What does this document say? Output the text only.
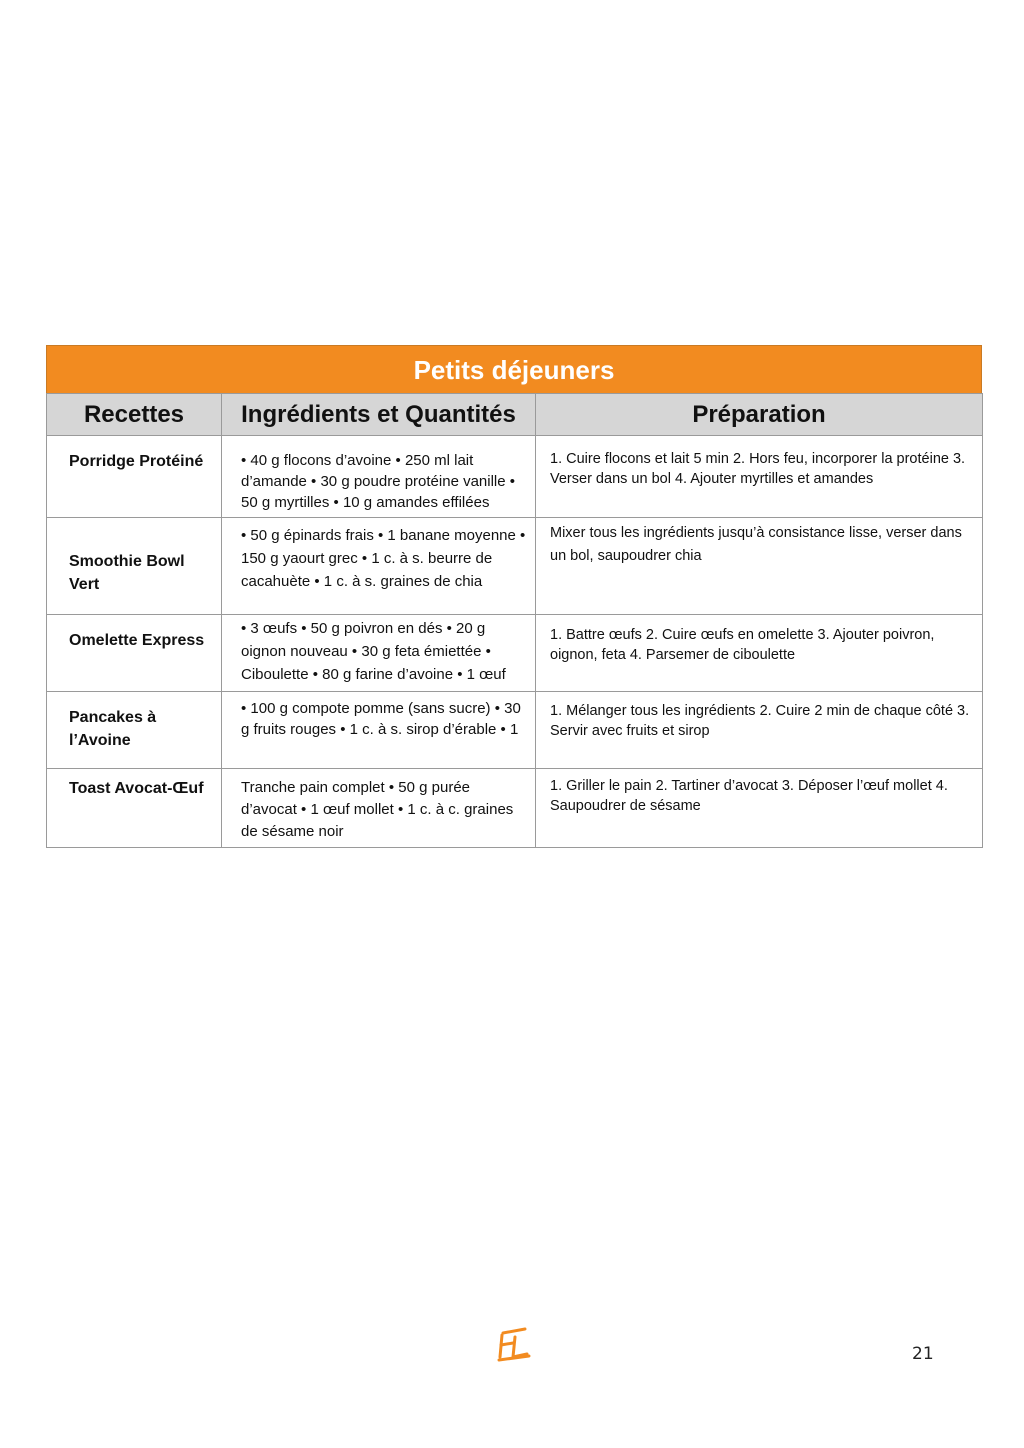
Petits déjeuners
Recettes	Ingrédients et Quantités	Préparation
Porridge Protéiné	• 40 g flocons d’avoine • 250 ml lait d’amande • 30 g poudre protéine vanille • 50 g myrtilles • 10 g amandes effilées	1. Cuire flocons et lait 5 min 2. Hors feu, incorporer la protéine 3. Verser dans un bol 4. Ajouter myrtilles et amandes
Smoothie Bowl Vert	• 50 g épinards frais • 1 banane moyenne • 150 g yaourt grec • 1 c. à s. beurre de cacahuète • 1 c. à s. graines de chia	Mixer tous les ingrédients jusqu’à consistance lisse, verser dans un bol, saupoudrer chia
Omelette Express	• 3 œufs • 50 g poivron en dés • 20 g oignon nouveau • 30 g feta émiettée • Ciboulette • 80 g farine d’avoine • 1 œuf	1. Battre œufs 2. Cuire œufs en omelette 3. Ajouter poivron, oignon, feta 4. Parsemer de ciboulette
Pancakes à l’Avoine	• 100 g compote pomme (sans sucre) • 30 g fruits rouges • 1 c. à s. sirop d’érable • 1	1. Mélanger tous les ingrédients 2. Cuire 2 min de chaque côté 3. Servir avec fruits et sirop
Toast Avocat-Œuf	Tranche pain complet • 50 g purée d’avocat • 1 œuf mollet • 1 c. à c. graines de sésame noir	1. Griller le pain 2. Tartiner d’avocat 3. Déposer l’œuf mollet 4. Saupoudrer de sésame
21
